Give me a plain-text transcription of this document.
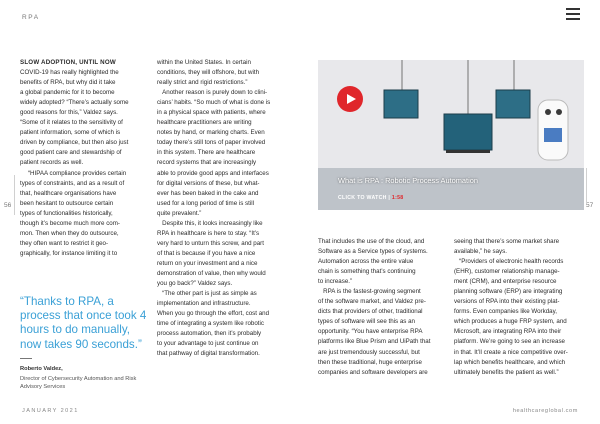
RPA
56	57

SLOW ADOPTION, UNTIL NOW

COVID-19 has really highlighted the
benefits of RPA, but why did it take
a global pandemic for it to become
widely adopted? “There’s actually some
good reasons for this,” Valdez says.
“Some of it relates to the sensitivity of
patient information, some of which is
driven by compliance, but then also just
good patient care and stewardship of
patient records as well.

“HIPAA compliance provides certain

types of constraints, and as a result of
that, healthcare organisations have
been hesitant to outsource certain
types of functionalities historically,
though it’s become much more com-
mon. Then when they do outsource,
they often want to restrict it geo-
graphically, for instance limiting it to

“Thanks to RPA, a process that once took 4 hours to do manually, now takes 90 seconds.”
Roberto Valdez,
Director of Cybersecurity Automation and Risk Advisory Services

within the United States. In certain
conditions, they will offshore, but with
really strict and rigid restrictions.”

Another reason is purely down to clini-
cians’ habits. “So much of what is done is
in a physical space with patients, where
healthcare practitioners are writing
notes by hand, or marking charts. Even
today there’s still tons of paper involved
in this system. There are healthcare
record systems that are increasingly
able to provide good apps and interfaces
for digital versions of these, but what-
ever has been baked in the cake and
used for a long period of time is still
quite prevalent.”

Despite this, it looks increasingly like
RPA in healthcare is here to stay. “It’s
very hard to unturn this screw, and part
of that is because if you have a nice
return on your investment and a nice
demonstration of value, then why would
you go back?” Valdez says.

“The other part is just as simple as
implementation and infrastructure.
When you go through the effort, cost and
time of integrating a system like robotic
process automation, then it’s probably
to your advantage to just continue on
that pathway of digital transformation.

What is RPA : Robotic Process Automation
CLICK TO WATCH | 1:58

That includes the use of the cloud, and
Software as a Service types of systems.
Automation across the entire value
chain is something that’s continuing
to increase.”

RPA is the fastest-growing segment
of the software market, and Valdez pre-
dicts that providers of other, traditional
types of software will see this as an
opportunity. “You have enterprise RPA
platforms like Blue Prism and UiPath that
are just tremendously successful, but
then these traditional, huge enterprise
companies and software developers are

seeing that there’s some market share
available,” he says.

“Providers of electronic health records
(EHR), customer relationship manage-
ment (CRM), and enterprise resource
planning software (ERP) are integrating
versions of RPA into their existing plat-
forms. Even companies like Workday,
which produces a huge FRP system, and
Microsoft, are integrating RPA into their
platform. We’re going to see an increase
in that. It’ll create a nice competitive over-
lap which benefits healthcare, and which
ultimately benefits the patient as well.”

JANUARY 2021	healthcareglobal.com
